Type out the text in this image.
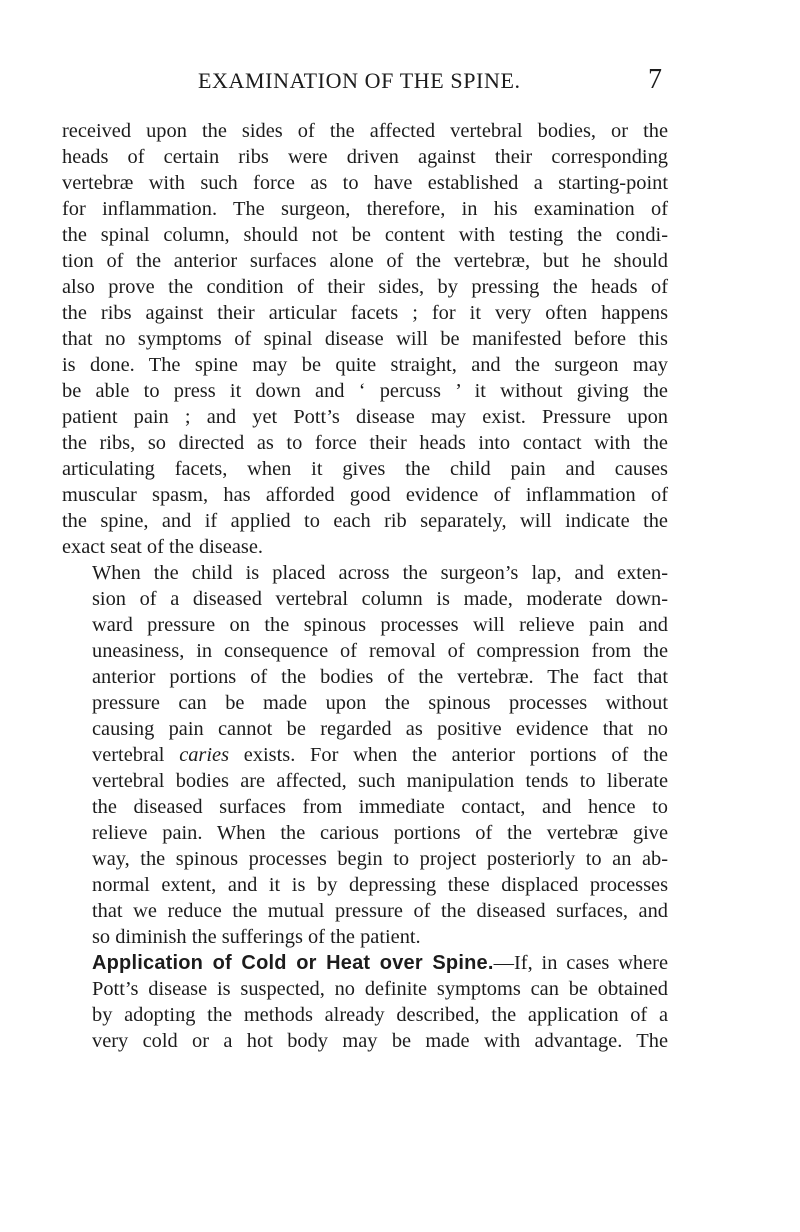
EXAMINATION OF THE SPINE.	7

received upon the sides of the affected vertebral bodies, or the
heads of certain ribs were driven against their corresponding
vertebræ with such force as to have established a starting-point
for inflammation. The surgeon, therefore, in his examination of
the spinal column, should not be content with testing the condi-
tion of the anterior surfaces alone of the vertebræ, but he should
also prove the condition of their sides, by pressing the heads of
the ribs against their articular facets ; for it very often happens
that no symptoms of spinal disease will be manifested before this
is done. The spine may be quite straight, and the surgeon may
be able to press it down and ‘ percuss ’ it without giving the
patient pain ; and yet Pott’s disease may exist. Pressure upon
the ribs, so directed as to force their heads into contact with the
articulating facets, when it gives the child pain and causes
muscular spasm, has afforded good evidence of inflammation of
the spine, and if applied to each rib separately, will indicate the
exact seat of the disease.

When the child is placed across the surgeon’s lap, and exten-
sion of a diseased vertebral column is made, moderate down-
ward pressure on the spinous processes will relieve pain and
uneasiness, in consequence of removal of compression from the
anterior portions of the bodies of the vertebræ. The fact that
pressure can be made upon the spinous processes without
causing pain cannot be regarded as positive evidence that no
vertebral caries exists. For when the anterior portions of the
vertebral bodies are affected, such manipulation tends to liberate
the diseased surfaces from immediate contact, and hence to
relieve pain. When the carious portions of the vertebræ give
way, the spinous processes begin to project posteriorly to an ab-
normal extent, and it is by depressing these displaced processes
that we reduce the mutual pressure of the diseased surfaces, and
so diminish the sufferings of the patient.

Application of Cold or Heat over Spine.—If, in cases where
Pott’s disease is suspected, no definite symptoms can be obtained
by adopting the methods already described, the application of a
very cold or a hot body may be made with advantage. The
